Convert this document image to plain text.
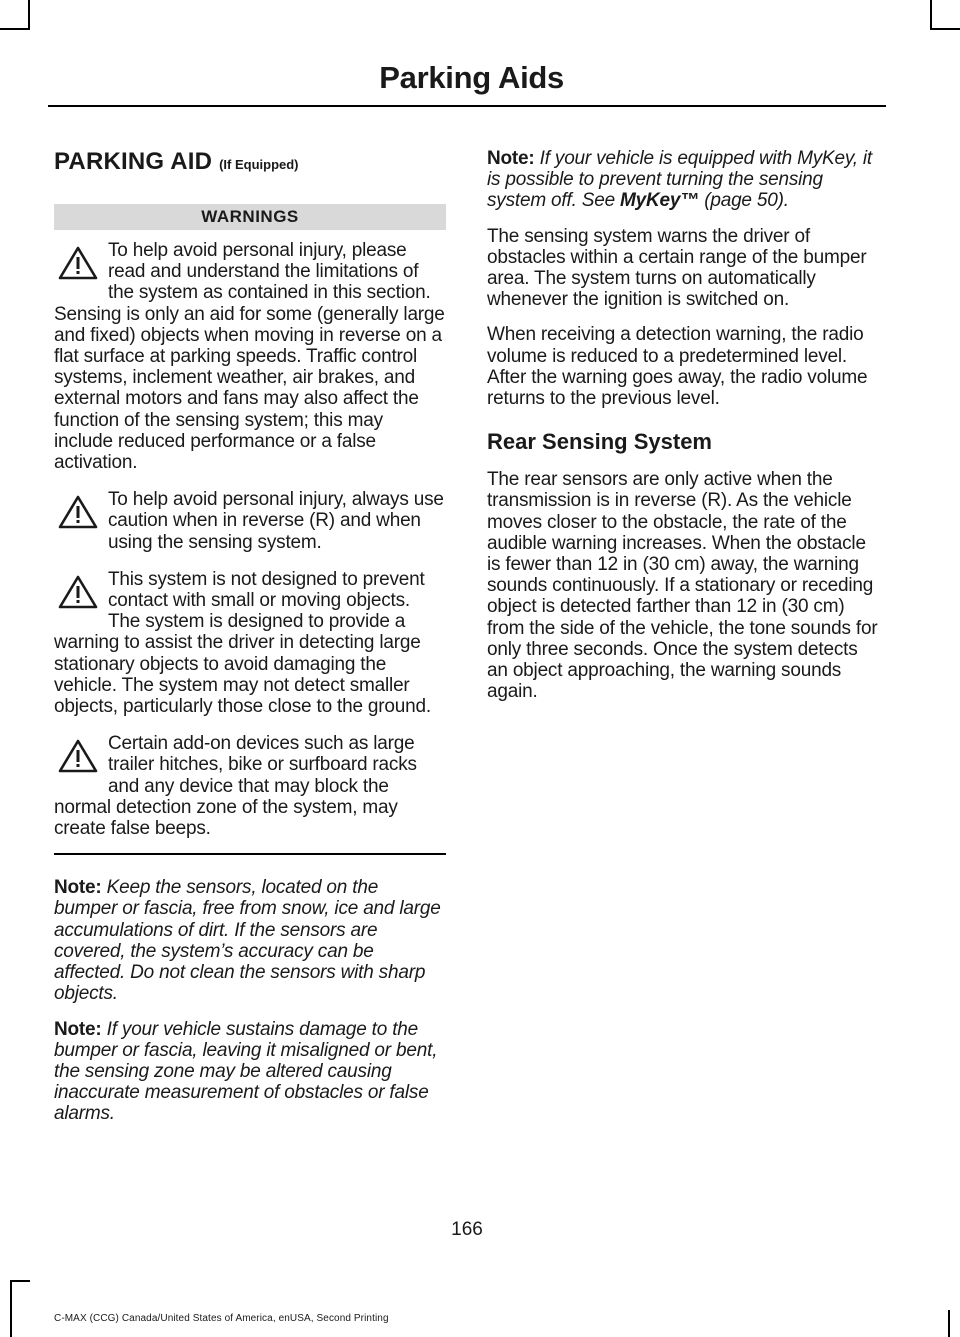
Parking Aids
PARKING AID (If Equipped)
WARNINGS
To help avoid personal injury, please read and understand the limitations of the system as contained in this section. Sensing is only an aid for some (generally large and fixed) objects when moving in reverse on a flat surface at parking speeds. Traffic control systems, inclement weather, air brakes, and external motors and fans may also affect the function of the sensing system; this may include reduced performance or a false activation.
To help avoid personal injury, always use caution when in reverse (R) and when using the sensing system.
This system is not designed to prevent contact with small or moving objects. The system is designed to provide a warning to assist the driver in detecting large stationary objects to avoid damaging the vehicle. The system may not detect smaller objects, particularly those close to the ground.
Certain add-on devices such as large trailer hitches, bike or surfboard racks and any device that may block the normal detection zone of the system, may create false beeps.

Note: Keep the sensors, located on the bumper or fascia, free from snow, ice and large accumulations of dirt. If the sensors are covered, the system’s accuracy can be affected. Do not clean the sensors with sharp objects.

Note: If your vehicle sustains damage to the bumper or fascia, leaving it misaligned or bent, the sensing zone may be altered causing inaccurate measurement of obstacles or false alarms.

Note: If your vehicle is equipped with MyKey, it is possible to prevent turning the sensing system off. See MyKey™ (page 50).

The sensing system warns the driver of obstacles within a certain range of the bumper area. The system turns on automatically whenever the ignition is switched on.

When receiving a detection warning, the radio volume is reduced to a predetermined level. After the warning goes away, the radio volume returns to the previous level.

Rear Sensing System

The rear sensors are only active when the transmission is in reverse (R). As the vehicle moves closer to the obstacle, the rate of the audible warning increases. When the obstacle is fewer than 12 in (30 cm) away, the warning sounds continuously. If a stationary or receding object is detected farther than 12 in (30 cm) from the side of the vehicle, the tone sounds for only three seconds. Once the system detects an object approaching, the warning sounds again.

166
C-MAX (CCG) Canada/United States of America, enUSA, Second Printing
